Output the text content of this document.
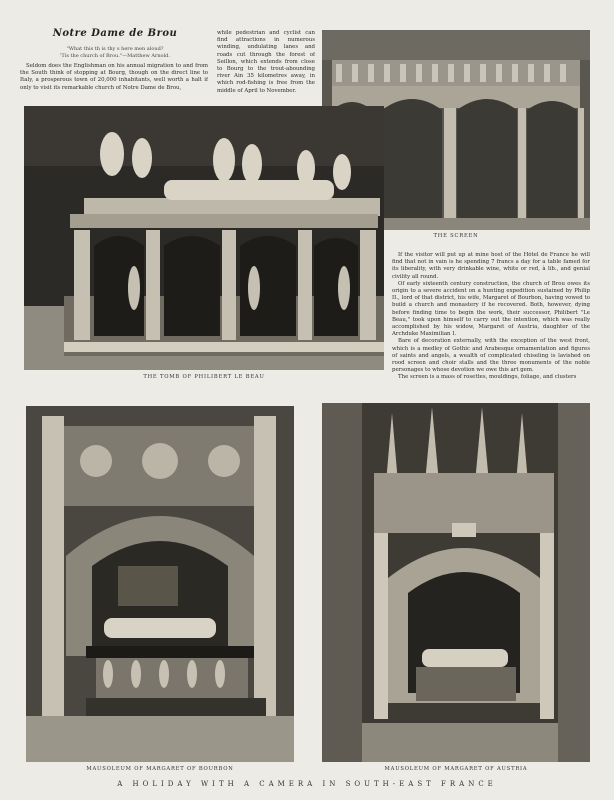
Notre Dame de Brou
"What this th is thy s here men aloud?
'Tis the church of Brou."—Matthew Arnold.

Seldom does the Englishman on his annual migration to and from the South think of stopping at Bourg, though on the direct line to Italy, a prosperous town of 20,000 inhabitants, well worth a halt if only to visit its remarkable church of Notre Dame de Brou,

while pedestrian and cyclist can find attractions in numerous winding, undulating lanes and roads cut through the forest of Seillon, which extends from close to Bourg to the trout-abounding river Ain 35 kilometres away, in which rod-fishing is free from the middle of April to November.

THE SCREEN
THE TOMB OF PHILIBERT LE BEAU

If the visitor will put up at mine host of the Hôtel de France he will find that not in vain is he spending 7 francs a day for a table famed for its liberality, with very drinkable wine, white or red, à lib., and genial civility all round.

Of early sixteenth century construction, the church of Brou owes its origin to a severe accident on a hunting expedition sustained by Philip II., lord of that district, his wife, Margaret of Bourbon, having vowed to build a church and monastery if he recovered. Both, however, dying before finding time to begin the work, their successor, Philibert "Le Beau," took upon himself to carry out the intention, which was really accomplished by his widow, Margaret of Austria, daughter of the Archduke Maximilian I.

Bare of decoration externally, with the exception of the west front, which is a medley of Gothic and Arabesque ornamentation and figures of saints and angels, a wealth of complicated chiseling is lavished on rood screen and choir stalls and the three monuments of the noble personages to whose devotion we owe this art gem.

The screen is a mass of rosettes, mouldings, foliage, and clusters

MAUSOLEUM OF MARGARET OF BOURBON	MAUSOLEUM OF MARGARET OF AUSTRIA
A HOLIDAY WITH A CAMERA IN SOUTH-EAST FRANCE
